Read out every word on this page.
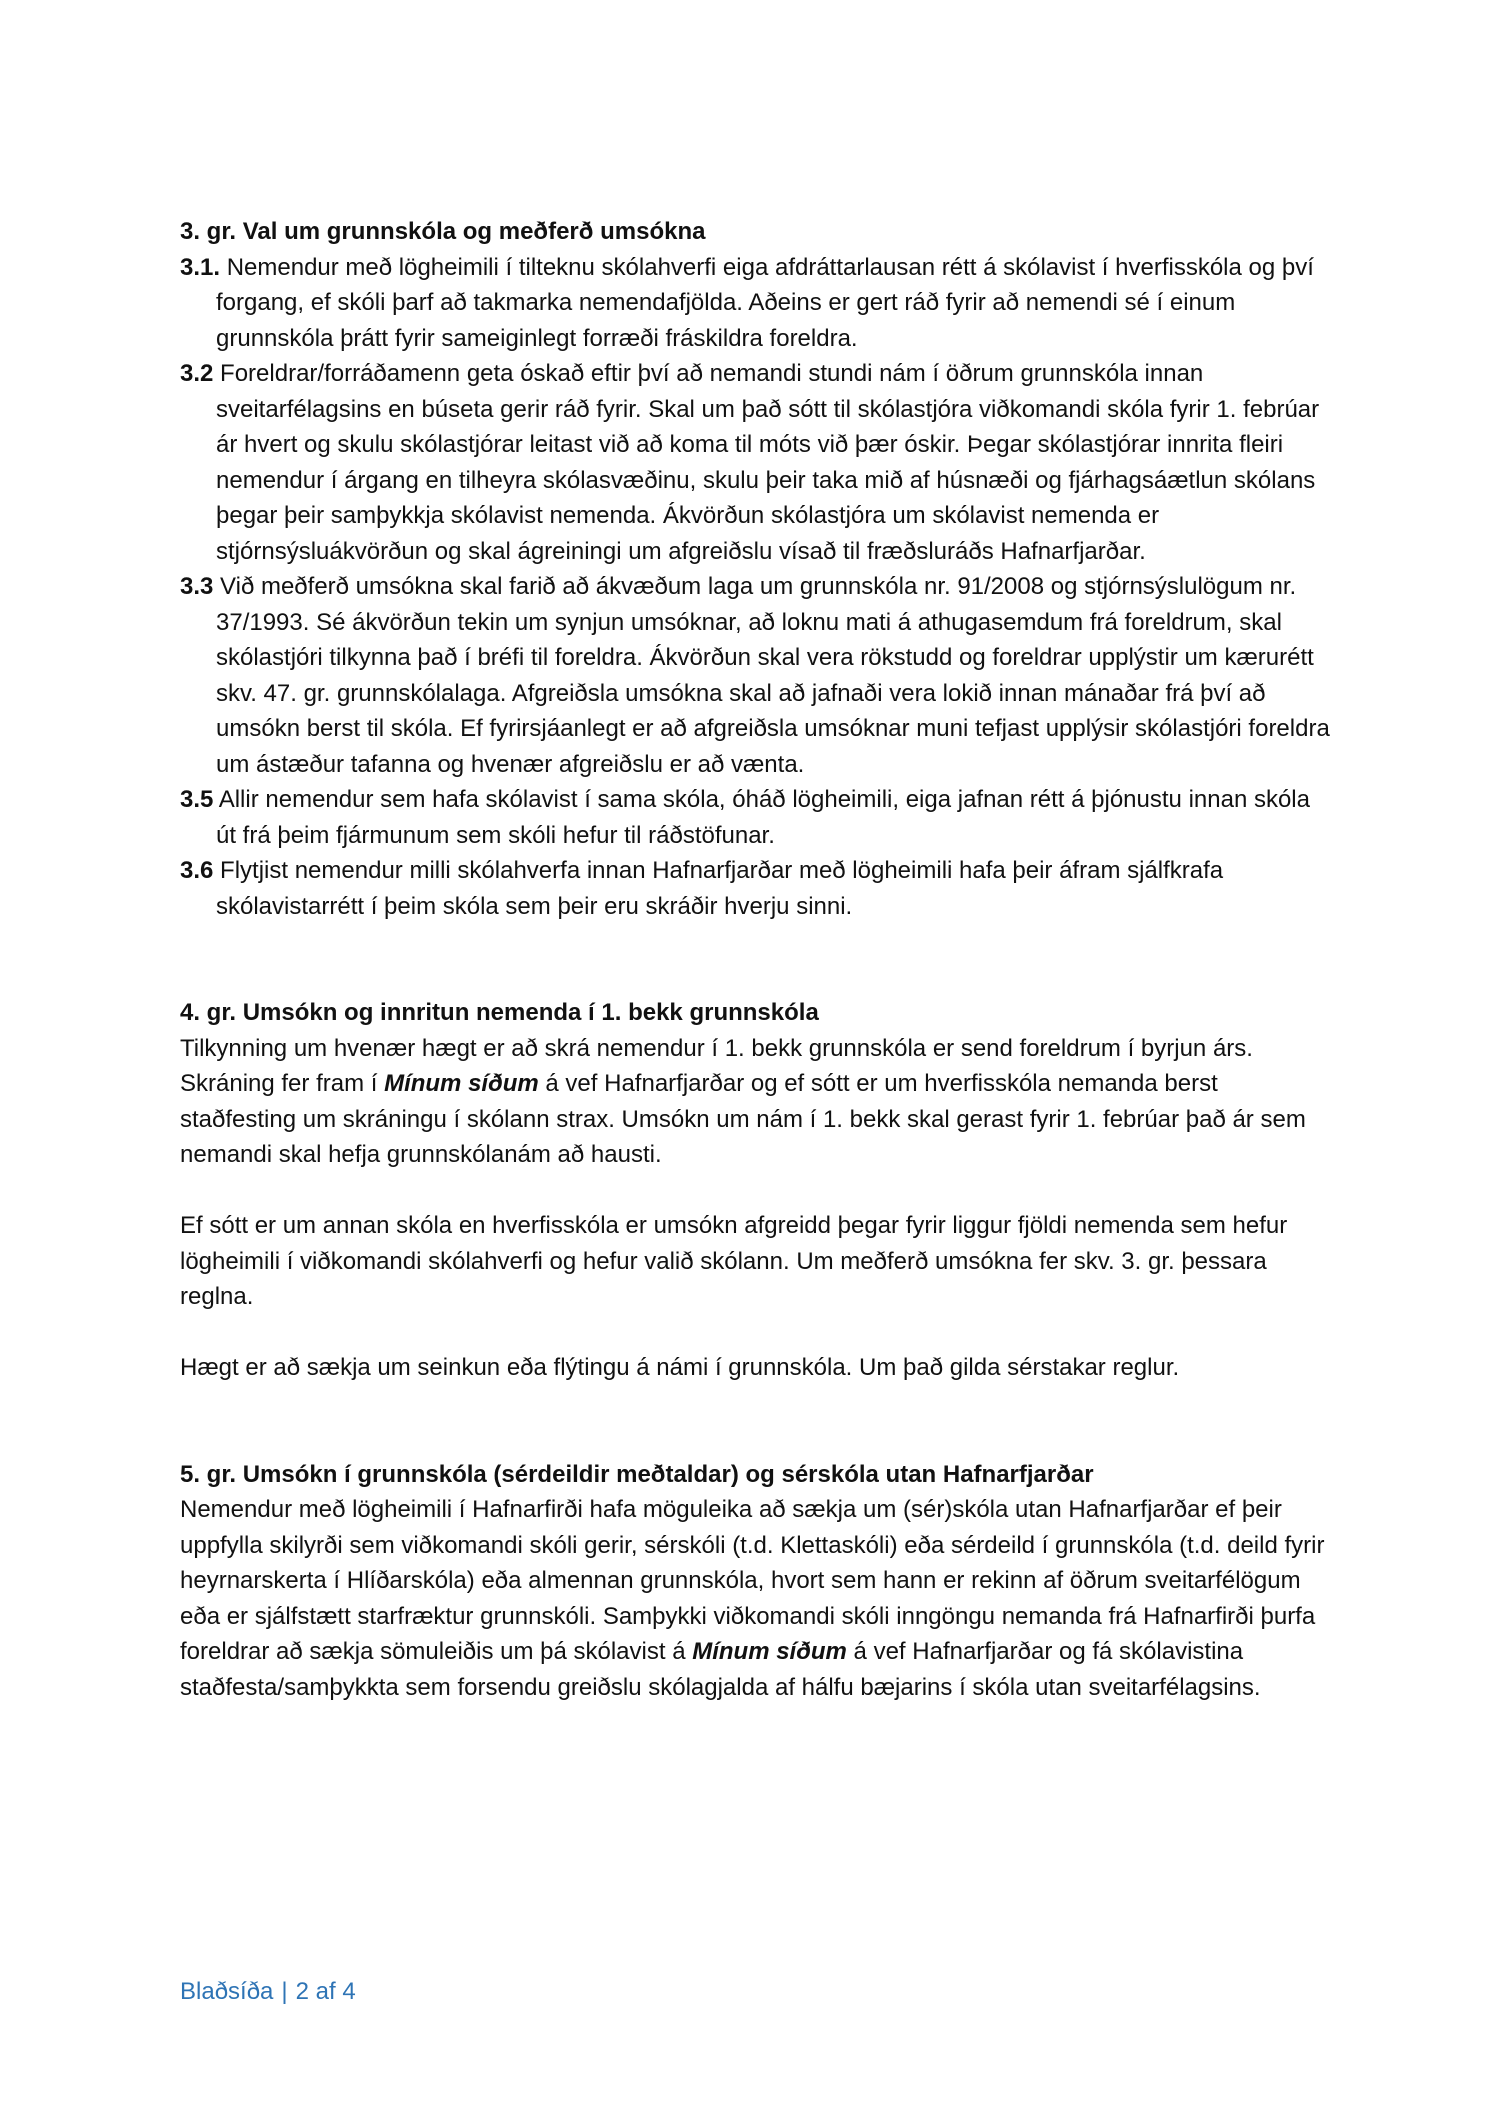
3. gr. Val um grunnskóla og meðferð umsókna

3.1. Nemendur með lögheimili í tilteknu skólahverfi eiga afdráttarlausan rétt á skólavist í hverfisskóla og því forgang, ef skóli þarf að takmarka nemendafjölda. Aðeins er gert ráð fyrir að nemendi sé í einum grunnskóla þrátt fyrir sameiginlegt forræði fráskildra foreldra.

3.2 Foreldrar/forráðamenn geta óskað eftir því að nemandi stundi nám í öðrum grunnskóla innan sveitarfélagsins en búseta gerir ráð fyrir. Skal um það sótt til skólastjóra viðkomandi skóla fyrir 1. febrúar ár hvert og skulu skólastjórar leitast við að koma til móts við þær óskir. Þegar skólastjórar innrita fleiri nemendur í árgang en tilheyra skólasvæðinu, skulu þeir taka mið af húsnæði og fjárhagsáætlun skólans þegar þeir samþykkja skólavist nemenda. Ákvörðun skólastjóra um skólavist nemenda er stjórnsýsluákvörðun og skal ágreiningi um afgreiðslu vísað til fræðsluráðs Hafnarfjarðar.

3.3 Við meðferð umsókna skal farið að ákvæðum laga um grunnskóla nr. 91/2008 og stjórnsýslulögum nr. 37/1993. Sé ákvörðun tekin um synjun umsóknar, að loknu mati á athugasemdum frá foreldrum, skal skólastjóri tilkynna það í bréfi til foreldra. Ákvörðun skal vera rökstudd og foreldrar upplýstir um kærurétt skv. 47. gr. grunnskólalaga. Afgreiðsla umsókna skal að jafnaði vera lokið innan mánaðar frá því að umsókn berst til skóla. Ef fyrirsjáanlegt er að afgreiðsla umsóknar muni tefjast upplýsir skólastjóri foreldra um ástæður tafanna og hvenær afgreiðslu er að vænta.

3.5 Allir nemendur sem hafa skólavist í sama skóla, óháð lögheimili, eiga jafnan rétt á þjónustu innan skóla út frá þeim fjármunum sem skóli hefur til ráðstöfunar.

3.6 Flytjist nemendur milli skólahverfa innan Hafnarfjarðar með lögheimili hafa þeir áfram sjálfkrafa skólavistarrétt í þeim skóla sem þeir eru skráðir hverju sinni.

4. gr. Umsókn og innritun nemenda í 1. bekk grunnskóla

Tilkynning um hvenær hægt er að skrá nemendur í 1. bekk grunnskóla er send foreldrum í byrjun árs. Skráning fer fram í Mínum síðum á vef Hafnarfjarðar og ef sótt er um hverfisskóla nemanda berst staðfesting um skráningu í skólann strax. Umsókn um nám í 1. bekk skal gerast fyrir 1. febrúar það ár sem nemandi skal hefja grunnskólanám að hausti.

Ef sótt er um annan skóla en hverfisskóla er umsókn afgreidd þegar fyrir liggur fjöldi nemenda sem hefur lögheimili í viðkomandi skólahverfi og hefur valið skólann. Um meðferð umsókna fer skv. 3. gr. þessara reglna.

Hægt er að sækja um seinkun eða flýtingu á námi í grunnskóla. Um það gilda sérstakar reglur.

5. gr. Umsókn í grunnskóla (sérdeildir meðtaldar) og sérskóla utan Hafnarfjarðar

Nemendur með lögheimili í Hafnarfirði hafa möguleika að sækja um (sér)skóla utan Hafnarfjarðar ef þeir uppfylla skilyrði sem viðkomandi skóli gerir, sérskóli (t.d. Klettaskóli) eða sérdeild í grunnskóla (t.d. deild fyrir heyrnarskerta í Hlíðarskóla) eða almennan grunnskóla, hvort sem hann er rekinn af öðrum sveitarfélögum eða er sjálfstætt starfræktur grunnskóli. Samþykki viðkomandi skóli inngöngu nemanda frá Hafnarfirði þurfa foreldrar að sækja sömuleiðis um þá skólavist á Mínum síðum á vef Hafnarfjarðar og fá skólavistina staðfesta/samþykkta sem forsendu greiðslu skólagjalda af hálfu bæjarins í skóla utan sveitarfélagsins.

Blaðsíða | 2 af 4
